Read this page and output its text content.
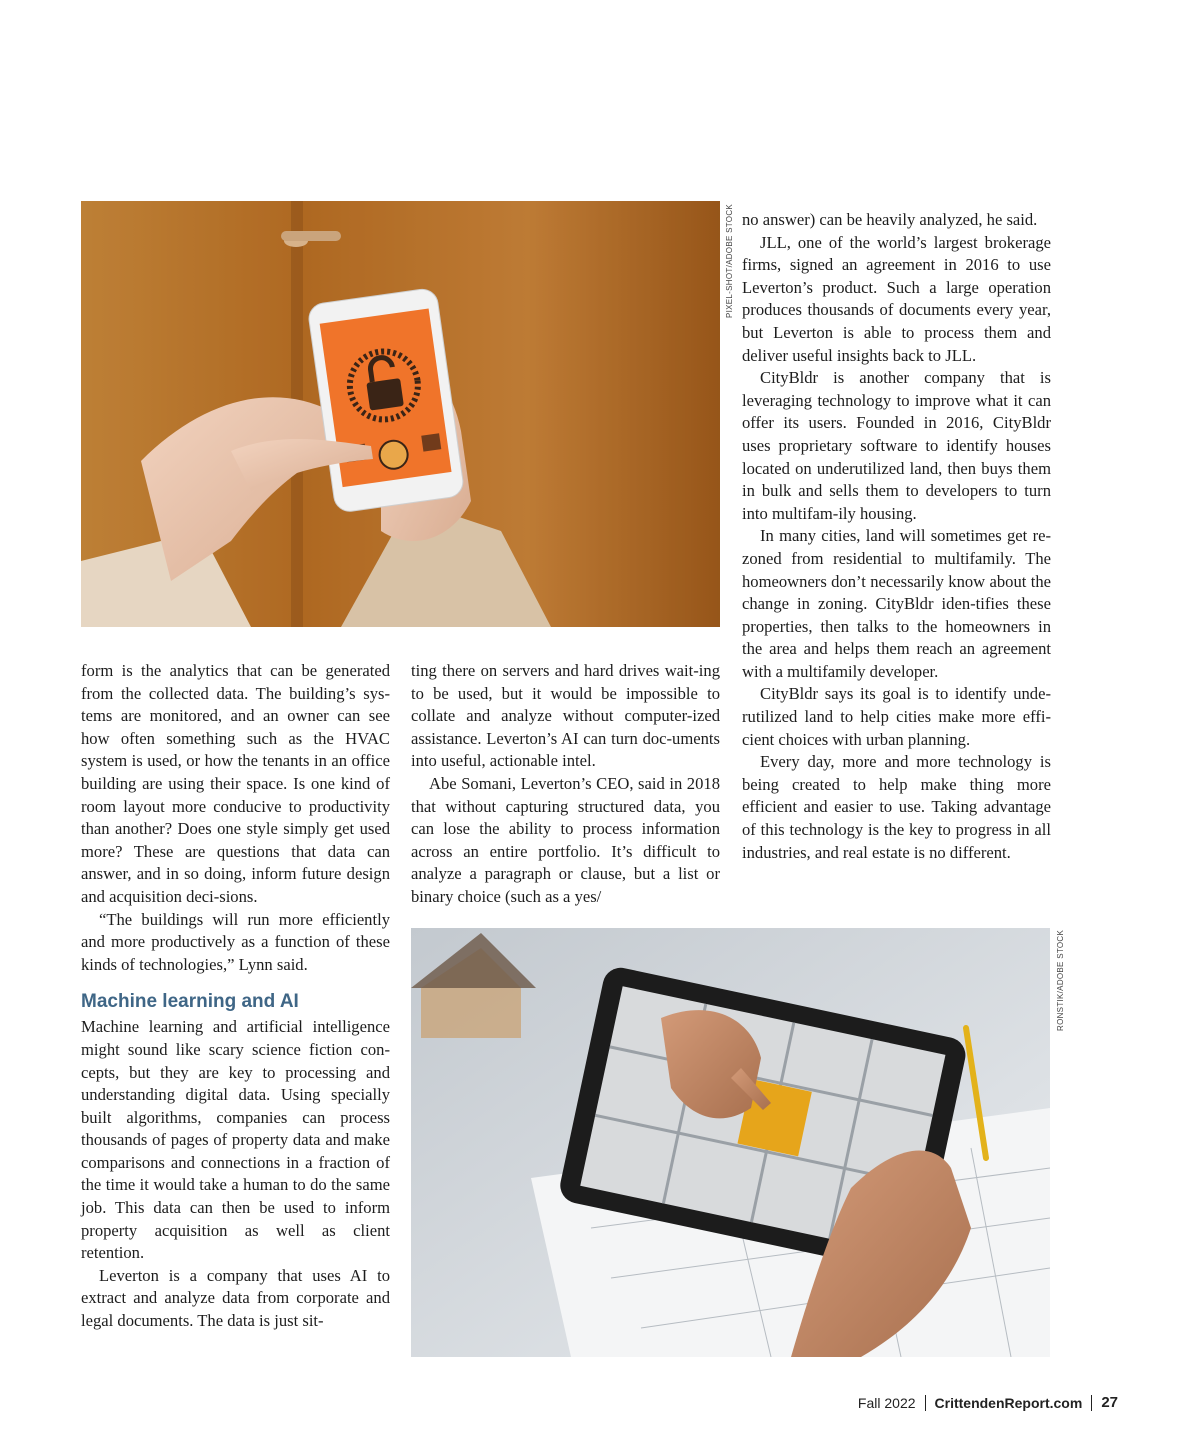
PIXEL-SHOT/ADOBE STOCK

form is the analytics that can be generated from the collected data. The building’s sys-tems are monitored, and an owner can see how often something such as the HVAC system is used, or how the tenants in an office building are using their space. Is one kind of room layout more conducive to productivity than another? Does one style simply get used more? These are questions that data can answer, and in so doing, inform future design and acquisition deci-sions.

“The buildings will run more efficiently and more productively as a function of these kinds of technologies,” Lynn said.

Machine learning and AI

Machine learning and artificial intelligence might sound like scary science fiction con-cepts, but they are key to processing and understanding digital data. Using specially built algorithms, companies can process thousands of pages of property data and make comparisons and connections in a fraction of the time it would take a human to do the same job. This data can then be used to inform property acquisition as well as client retention.

Leverton is a company that uses AI to extract and analyze data from corporate and legal documents. The data is just sit-

ting there on servers and hard drives wait-ing to be used, but it would be impossible to collate and analyze without computer-ized assistance. Leverton’s AI can turn doc-uments into useful, actionable intel.

Abe Somani, Leverton’s CEO, said in 2018 that without capturing structured data, you can lose the ability to process information across an entire portfolio. It’s difficult to analyze a paragraph or clause, but a list or binary choice (such as a yes/

no answer) can be heavily analyzed, he said.

JLL, one of the world’s largest brokerage firms, signed an agreement in 2016 to use Leverton’s product. Such a large operation produces thousands of documents every year, but Leverton is able to process them and deliver useful insights back to JLL.

CityBldr is another company that is leveraging technology to improve what it can offer its users. Founded in 2016, CityBldr uses proprietary software to identify houses located on underutilized land, then buys them in bulk and sells them to developers to turn into multifam-ily housing.

In many cities, land will sometimes get re-zoned from residential to multifamily. The homeowners don’t necessarily know about the change in zoning. CityBldr iden-tifies these properties, then talks to the homeowners in the area and helps them reach an agreement with a multifamily developer.

CityBldr says its goal is to identify unde-rutilized land to help cities make more effi-cient choices with urban planning.

Every day, more and more technology is being created to help make thing more efficient and easier to use. Taking advantage of this technology is the key to progress in all industries, and real estate is no different.

RONSTIK/ADOBE STOCK
Fall 2022 CrittendenReport.com 27
